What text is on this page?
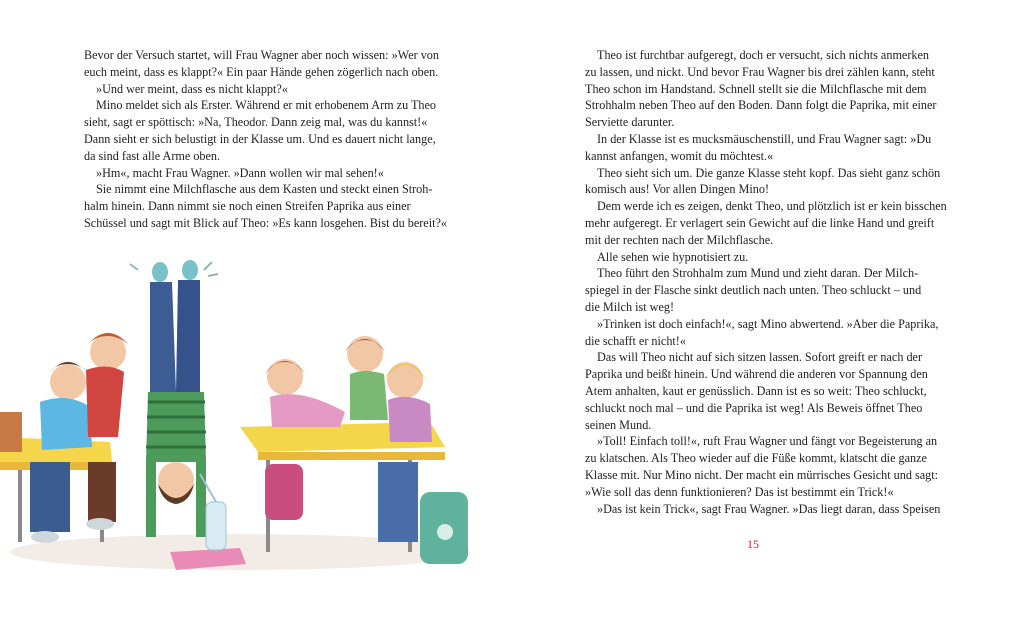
Bevor der Versuch startet, will Frau Wagner aber noch wissen: »Wer von

euch meint, dass es klappt?« Ein paar Hände gehen zögerlich nach oben.

»Und wer meint, dass es nicht klappt?«

Mino meldet sich als Erster. Während er mit erhobenem Arm zu Theo

sieht, sagt er spöttisch: »Na, Theodor. Dann zeig mal, was du kannst!«

Dann sieht er sich belustigt in der Klasse um. Und es dauert nicht lange,

da sind fast alle Arme oben.

»Hm«, macht Frau Wagner. »Dann wollen wir mal sehen!«

Sie nimmt eine Milchflasche aus dem Kasten und steckt einen Stroh-

halm hinein. Dann nimmt sie noch einen Streifen Paprika aus einer

Schüssel und sagt mit Blick auf Theo: »Es kann losgehen. Bist du bereit?«

Theo ist furchtbar aufgeregt, doch er versucht, sich nichts anmerken

zu lassen, und nickt. Und bevor Frau Wagner bis drei zählen kann, steht

Theo schon im Handstand. Schnell stellt sie die Milchflasche mit dem

Strohhalm neben Theo auf den Boden. Dann folgt die Paprika, mit einer

Serviette darunter.

In der Klasse ist es mucksmäuschenstill, und Frau Wagner sagt: »Du

kannst anfangen, womit du möchtest.«

Theo sieht sich um. Die ganze Klasse steht kopf. Das sieht ganz schön

komisch aus! Vor allen Dingen Mino!

Dem werde ich es zeigen, denkt Theo, und plötzlich ist er kein bisschen

mehr aufgeregt. Er verlagert sein Gewicht auf die linke Hand und greift

mit der rechten nach der Milchflasche.

Alle sehen wie hypnotisiert zu.

Theo führt den Strohhalm zum Mund und zieht daran. Der Milch-

spiegel in der Flasche sinkt deutlich nach unten. Theo schluckt – und

die Milch ist weg!

»Trinken ist doch einfach!«, sagt Mino abwertend. »Aber die Paprika,

die schafft er nicht!«

Das will Theo nicht auf sich sitzen lassen. Sofort greift er nach der

Paprika und beißt hinein. Und während die anderen vor Spannung den

Atem anhalten, kaut er genüsslich. Dann ist es so weit: Theo schluckt,

schluckt noch mal – und die Paprika ist weg! Als Beweis öffnet Theo

seinen Mund.

»Toll! Einfach toll!«, ruft Frau Wagner und fängt vor Begeisterung an

zu klatschen. Als Theo wieder auf die Füße kommt, klatscht die ganze

Klasse mit. Nur Mino nicht. Der macht ein mürrisches Gesicht und sagt:

»Wie soll das denn funktionieren? Das ist bestimmt ein Trick!«

»Das ist kein Trick«, sagt Frau Wagner. »Das liegt daran, dass Speisen

15
